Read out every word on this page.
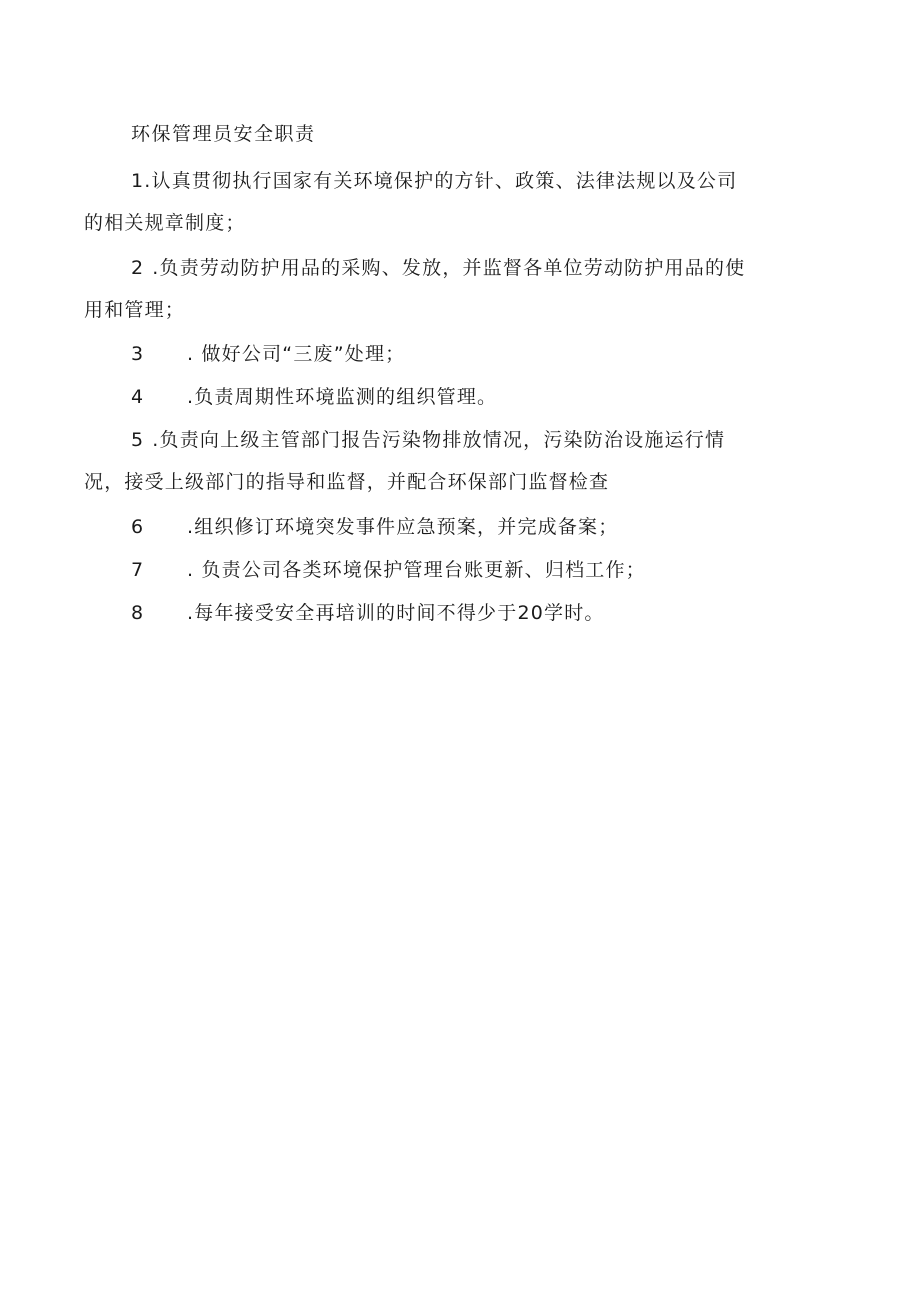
环保管理员安全职责
1.认真贯彻执行国家有关环境保护的方针、政策、法律法规以及公司
的相关规章制度；
2 .负责劳动防护用品的采购、发放，并监督各单位劳动防护用品的使
用和管理；
3 . 做好公司“三废”处理；
4 .负责周期性环境监测的组织管理。
5 .负责向上级主管部门报告污染物排放情况，污染防治设施运行情
况，接受上级部门的指导和监督，并配合环保部门监督检查
6 .组织修订环境突发事件应急预案，并完成备案；
7 . 负责公司各类环境保护管理台账更新、归档工作；
8 .每年接受安全再培训的时间不得少于20学时。
